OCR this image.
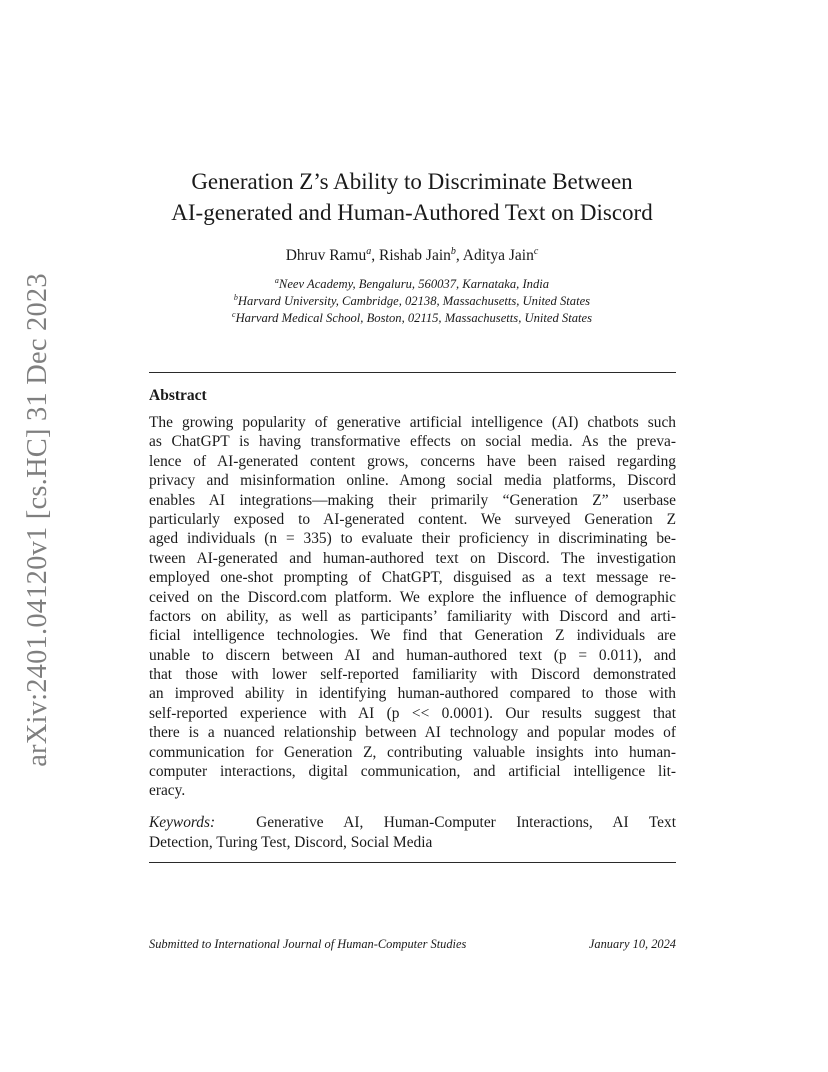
arXiv:2401.04120v1 [cs.HC] 31 Dec 2023
Generation Z’s Ability to Discriminate Between
AI-generated and Human-Authored Text on Discord
Dhruv Ramu$^a$, Rishab Jain$^b$, Aditya Jain$^c$
$^a$Neev Academy, Bengaluru, 560037, Karnataka, India
$^b$Harvard University, Cambridge, 02138, Massachusetts, United States
$^c$Harvard Medical School, Boston, 02115, Massachusetts, United States
Abstract
The growing popularity of generative artificial intelligence (AI) chatbots such
as ChatGPT is having transformative effects on social media. As the preva-
lence of AI-generated content grows, concerns have been raised regarding
privacy and misinformation online. Among social media platforms, Discord
enables AI integrations—making their primarily “Generation Z” userbase
particularly exposed to AI-generated content. We surveyed Generation Z
aged individuals (n = 335) to evaluate their proficiency in discriminating be-
tween AI-generated and human-authored text on Discord. The investigation
employed one-shot prompting of ChatGPT, disguised as a text message re-
ceived on the Discord.com platform. We explore the influence of demographic
factors on ability, as well as participants’ familiarity with Discord and arti-
ficial intelligence technologies. We find that Generation Z individuals are
unable to discern between AI and human-authored text (p = 0.011), and
that those with lower self-reported familiarity with Discord demonstrated
an improved ability in identifying human-authored compared to those with
self-reported experience with AI (p << 0.0001). Our results suggest that
there is a nuanced relationship between AI technology and popular modes of
communication for Generation Z, contributing valuable insights into human-
computer interactions, digital communication, and artificial intelligence lit-
eracy.
Keywords:	Generative AI, Human-Computer Interactions, AI Text
Detection, Turing Test, Discord, Social Media
Submitted to International Journal of Human-Computer Studies	January 10, 2024
